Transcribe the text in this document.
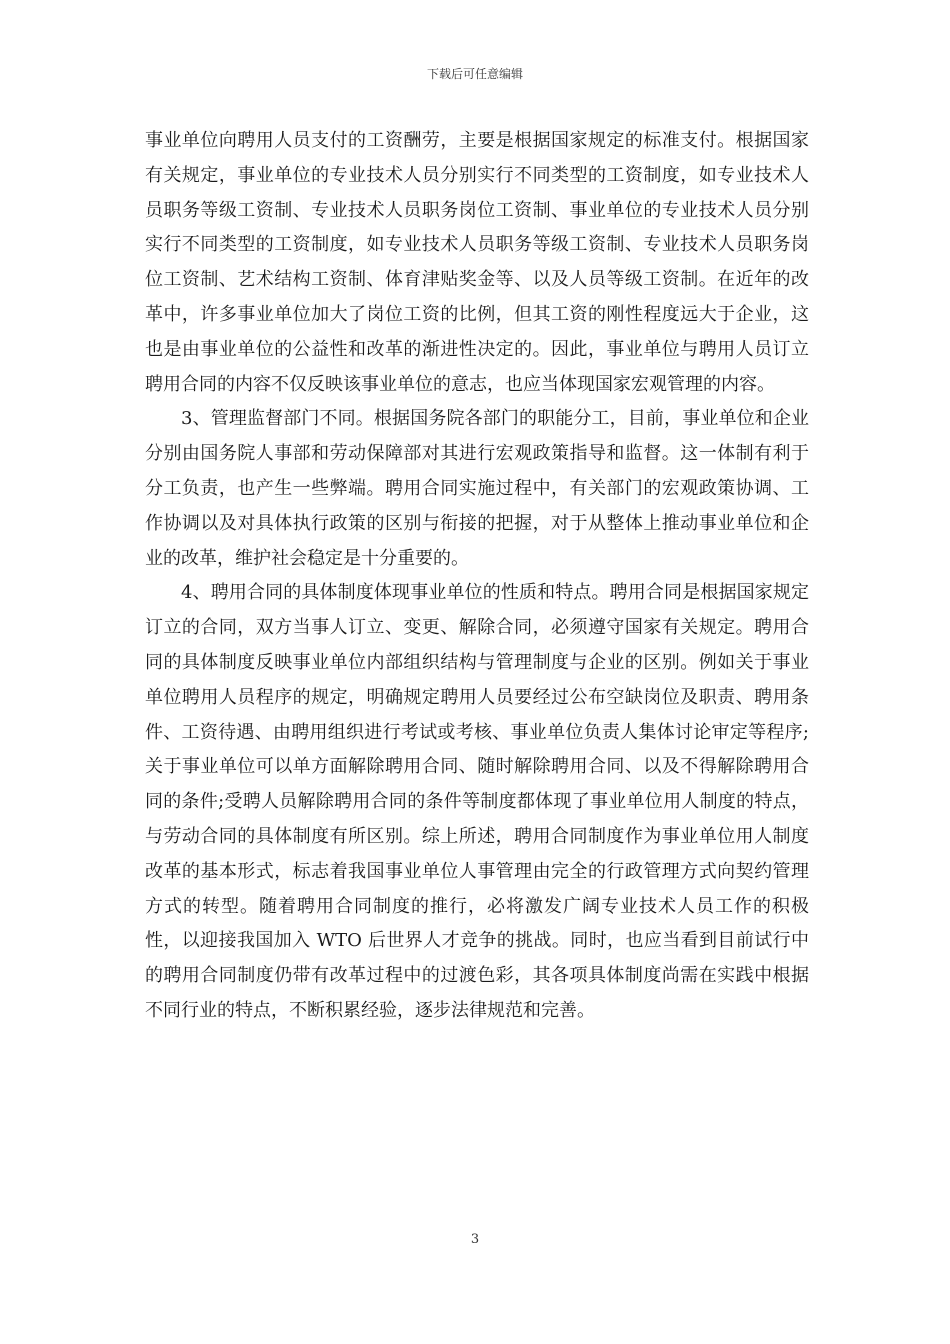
下载后可任意编辑

事业单位向聘用人员支付的工资酬劳，主要是根据国家规定的标准支付。根据国家有关规定，事业单位的专业技术人员分别实行不同类型的工资制度，如专业技术人员职务等级工资制、专业技术人员职务岗位工资制、事业单位的专业技术人员分别实行不同类型的工资制度，如专业技术人员职务等级工资制、专业技术人员职务岗位工资制、艺术结构工资制、体育津贴奖金等、以及人员等级工资制。在近年的改革中，许多事业单位加大了岗位工资的比例，但其工资的刚性程度远大于企业，这也是由事业单位的公益性和改革的渐进性决定的。因此，事业单位与聘用人员订立聘用合同的内容不仅反映该事业单位的意志，也应当体现国家宏观管理的内容。

3、管理监督部门不同。根据国务院各部门的职能分工，目前，事业单位和企业分别由国务院人事部和劳动保障部对其进行宏观政策指导和监督。这一体制有利于分工负责，也产生一些弊端。聘用合同实施过程中，有关部门的宏观政策协调、工作协调以及对具体执行政策的区别与衔接的把握，对于从整体上推动事业单位和企业的改革，维护社会稳定是十分重要的。

4、聘用合同的具体制度体现事业单位的性质和特点。聘用合同是根据国家规定订立的合同，双方当事人订立、变更、解除合同，必须遵守国家有关规定。聘用合同的具体制度反映事业单位内部组织结构与管理制度与企业的区别。例如关于事业单位聘用人员程序的规定，明确规定聘用人员要经过公布空缺岗位及职责、聘用条件、工资待遇、由聘用组织进行考试或考核、事业单位负责人集体讨论审定等程序;关于事业单位可以单方面解除聘用合同、随时解除聘用合同、以及不得解除聘用合同的条件;受聘人员解除聘用合同的条件等制度都体现了事业单位用人制度的特点，与劳动合同的具体制度有所区别。综上所述，聘用合同制度作为事业单位用人制度改革的基本形式，标志着我国事业单位人事管理由完全的行政管理方式向契约管理方式的转型。随着聘用合同制度的推行，必将激发广阔专业技术人员工作的积极性，以迎接我国加入 WTO 后世界人才竞争的挑战。同时，也应当看到目前试行中的聘用合同制度仍带有改革过程中的过渡色彩，其各项具体制度尚需在实践中根据不同行业的特点，不断积累经验，逐步法律规范和完善。

3
